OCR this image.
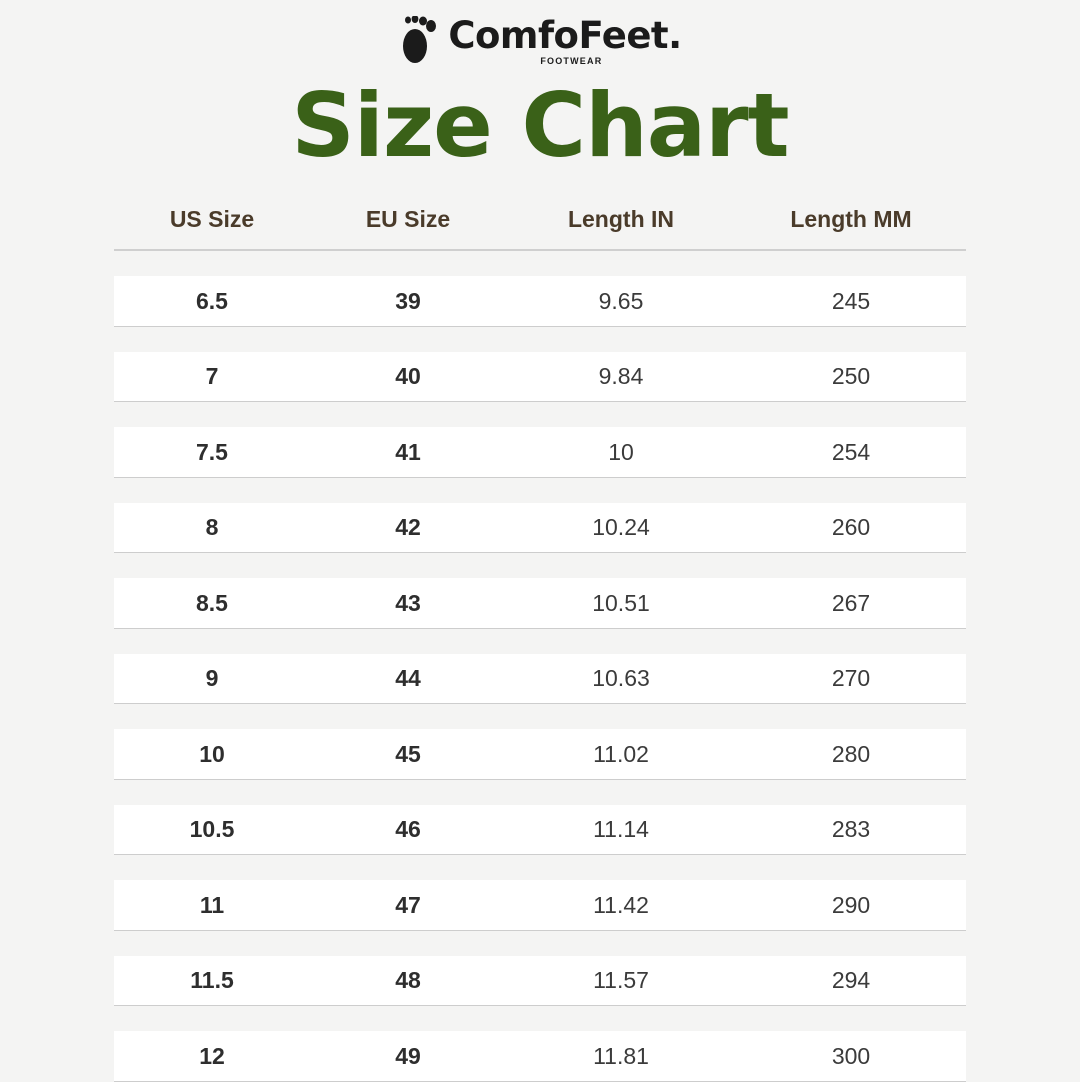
ComfoFeet.
FOOTWEAR
Size Chart
US Size	EU Size	Length IN	Length MM
6.5	39	9.65	245
7	40	9.84	250
7.5	41	10	254
8	42	10.24	260
8.5	43	10.51	267
9	44	10.63	270
10	45	11.02	280
10.5	46	11.14	283
11	47	11.42	290
11.5	48	11.57	294
12	49	11.81	300
